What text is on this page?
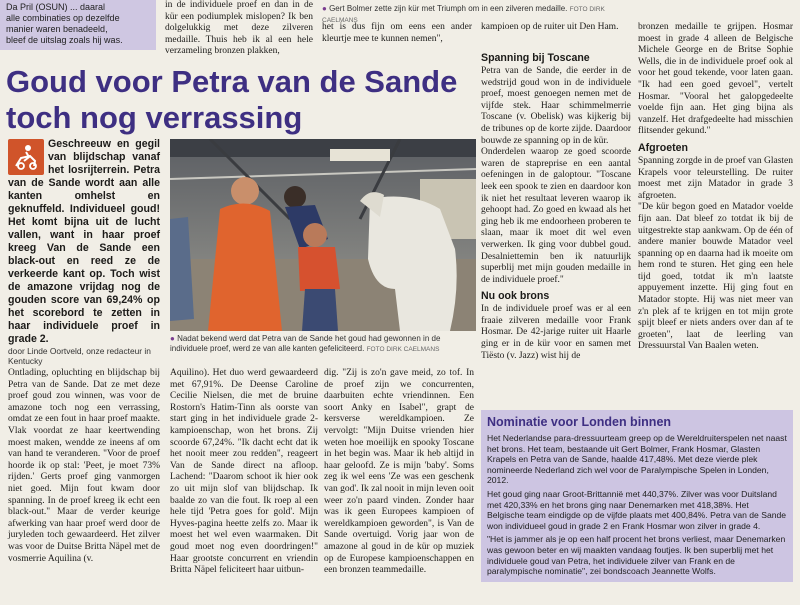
Da Pril (OSUN) ... daaral
alle combinaties op dezelfde
manier waren benadeeld,
bleef de uitslag zoals hij was.

in de individuele proef en dan in de kür een podiumplek mislopen? Ik ben dolgelukkig met deze zilveren medaille. Thuis heb ik al een hele verzameling bronzen plakken,

● Gert Bolmer zette zijn kür met Triumph om in een zilveren medaille. FOTO DIRK CAELMANS

het is dus fijn om eens een ander kleurtje mee te kunnen nemen",

kampioen op de ruiter uit Den Ham.

Goud voor Petra van de Sande toch nog verrassing
Geschreeuw en gegil van blijdschap vanaf het losrijterrein. Petra van de Sande wordt aan alle kanten omhelst en geknuffeld. Individueel goud! Het komt bijna uit de lucht vallen, want in haar proef kreeg Van de Sande een black-out en reed ze de verkeerde kant op. Toch wist de amazone vrijdag nog de gouden score van 69,24% op het scorebord te zetten in haar individuele proef in grade 2.	● Nadat bekend werd dat Petra van de Sande het goud had gewonnen in de individuele proef, werd ze van alle kanten gefeliciteerd. FOTO DIRK CAELMANS
door Linde Oortveld, onze redacteur in Kentucky

Ontlading, opluchting en blijdschap bij Petra van de Sande. Dat ze met deze proef goud zou winnen, was voor de amazone toch nog een verrassing, omdat ze een fout in haar proef maakte. Vlak voordat ze haar keertwending moest maken, wendde ze ineens af om van hand te veranderen. "Voor de proef hoorde ik op stal: 'Peet, je moet 73% rijden.' Gerts proef ging vanmorgen niet goed. Mijn fout kwam door spanning. In de proef kreeg ik echt een black-out." Maar de verder keurige afwerking van haar proef werd door de juryleden toch gewaardeerd. Het zilver was voor de Duitse Britta Näpel met de vosmerrie Aquilina (v.

Aquilino). Het duo werd gewaardeerd met 67,91%. De Deense Caroline Cecilie Nielsen, die met de bruine Rostorn's Hatim-Tinn als oorste van start ging in het individuele grade 2-kampioenschap, won het brons. Zij scoorde 67,24%. "Ik dacht echt dat ik het nooit meer zou redden", reageert Van de Sande direct na afloop. Lachend: "Daarom schoot ik hier ook zo uit mijn slof van blijdschap. Ik baalde zo van die fout. Ik roep al een hele tijd 'Petra goes for gold'. Mijn Hyves-pagina heette zelfs zo. Maar ik moest het wel even waarmaken. Dit goud moet nog even doordringen!" Haar grootste concurrent en vriendin Britta Näpel feliciteert haar uitbun-

dig. "Zij is zo'n gave meid, zo tof. In de proef zijn we concurrenten, daarbuiten echte vriendinnen. Een soort Anky en Isabel", grapt de kersverse wereldkampioen. Ze vervolgt: "Mijn Duitse vrienden hier weten hoe moeilijk en spooky Toscane in het begin was. Maar ik heb altijd in haar geloofd. Ze is mijn 'baby'. Soms zeg ik wel eens 'Ze was een geschenk van god'. Ik zal nooit in mijn leven ooit weer zo'n paard vinden. Zonder haar was ik geen Europees kampioen of wereldkampioen geworden", is Van de Sande overtuigd. Vorig jaar won de amazone al goud in de kür op muziek op de Europese kampioenschappen en een bronzen teammedaille.

Spanning bij Toscane

Petra van de Sande, die eerder in de wedstrijd goud won in de individuele proef, moest genoegen nemen met de vijfde stek. Haar schimmelmerrie Toscane (v. Obelisk) was kijkerig bij de tribunes op de korte zijde. Daardoor bouwde ze spanning op in de kür.

Onderdelen waarop ze goed scoorde waren de stapreprise en een aantal oefeningen in de galoptour. "Toscane leek een spook te zien en daardoor kon ik niet het resultaat leveren waarop ik gehoopt had. Zo goed en kwaad als het ging heb ik me endoorheen proberen te slaan, maar ik moet dit wel even verwerken. Ik ging voor dubbel goud. Desalniettemin ben ik natuurlijk superblij met mijn gouden medaille in de individuele proef."

Nu ook brons

In de individuele proef was er al een fraaie zilveren medaille voor Frank Hosmar. De 42-jarige ruiter uit Haarle ging er in de kür voor en samen met Tiësto (v. Jazz) wist hij de

bronzen medaille te grijpen. Hosmar moest in grade 4 alleen de Belgische Michele George en de Britse Sophie Wells, die in de individuele proef ook al voor het goud tekende, voor laten gaan. "Ik had een goed gevoel", vertelt Hosmar. "Vooral het galopgedeelte voelde fijn aan. Het ging bijna als vanzelf. Het drafgedeelte had misschien flitsender gekund."

Afgroeten

Spanning zorgde in de proef van Glasten Krapels voor teleurstelling. De ruiter moest met zijn Matador in grade 3 afgroeten.

"De kür begon goed en Matador voelde fijn aan. Dat bleef zo totdat ik bij de uitgestrekte stap aankwam. Op de één of andere manier bouwde Matador veel spanning op en daarna had ik moeite om hem rond te sturen. Het ging een hele tijd goed, totdat ik m'n laatste appuyement inzette. Hij ging fout en Matador stopte. Hij was niet meer van z'n plek af te krijgen en tot mijn grote spijt bleef er niets anders over dan af te groeten", laat de leerling van Dressuurstal Van Baalen weten.

Nominatie voor Londen binnen

Het Nederlandse para-dressuurteam greep op de Wereldruiterspelen net naast het brons. Het team, bestaande uit Gert Bolmer, Frank Hosmar, Glasten Krapels en Petra van de Sande, haalde 417,48%. Met deze vierde plek nomineerde Nederland zich wel voor de Paralympische Spelen in Londen, 2012.

Het goud ging naar Groot-Brittannië met 440,37%. Zilver was voor Duitsland met 420,33% en het brons ging naar Denemarken met 418,38%. Het Belgische team eindigde op de vijfde plaats met 400,84%. Petra van de Sande won individueel goud in grade 2 en Frank Hosmar won zilver in grade 4.

"Het is jammer als je op een half procent het brons verliest, maar Denemarken was gewoon beter en wij maakten vandaag foutjes. Ik ben superblij met het individuele goud van Petra, het individuele zilver van Frank en de paralympische nominatie", zei bondscoach Jeannette Wolfs.
